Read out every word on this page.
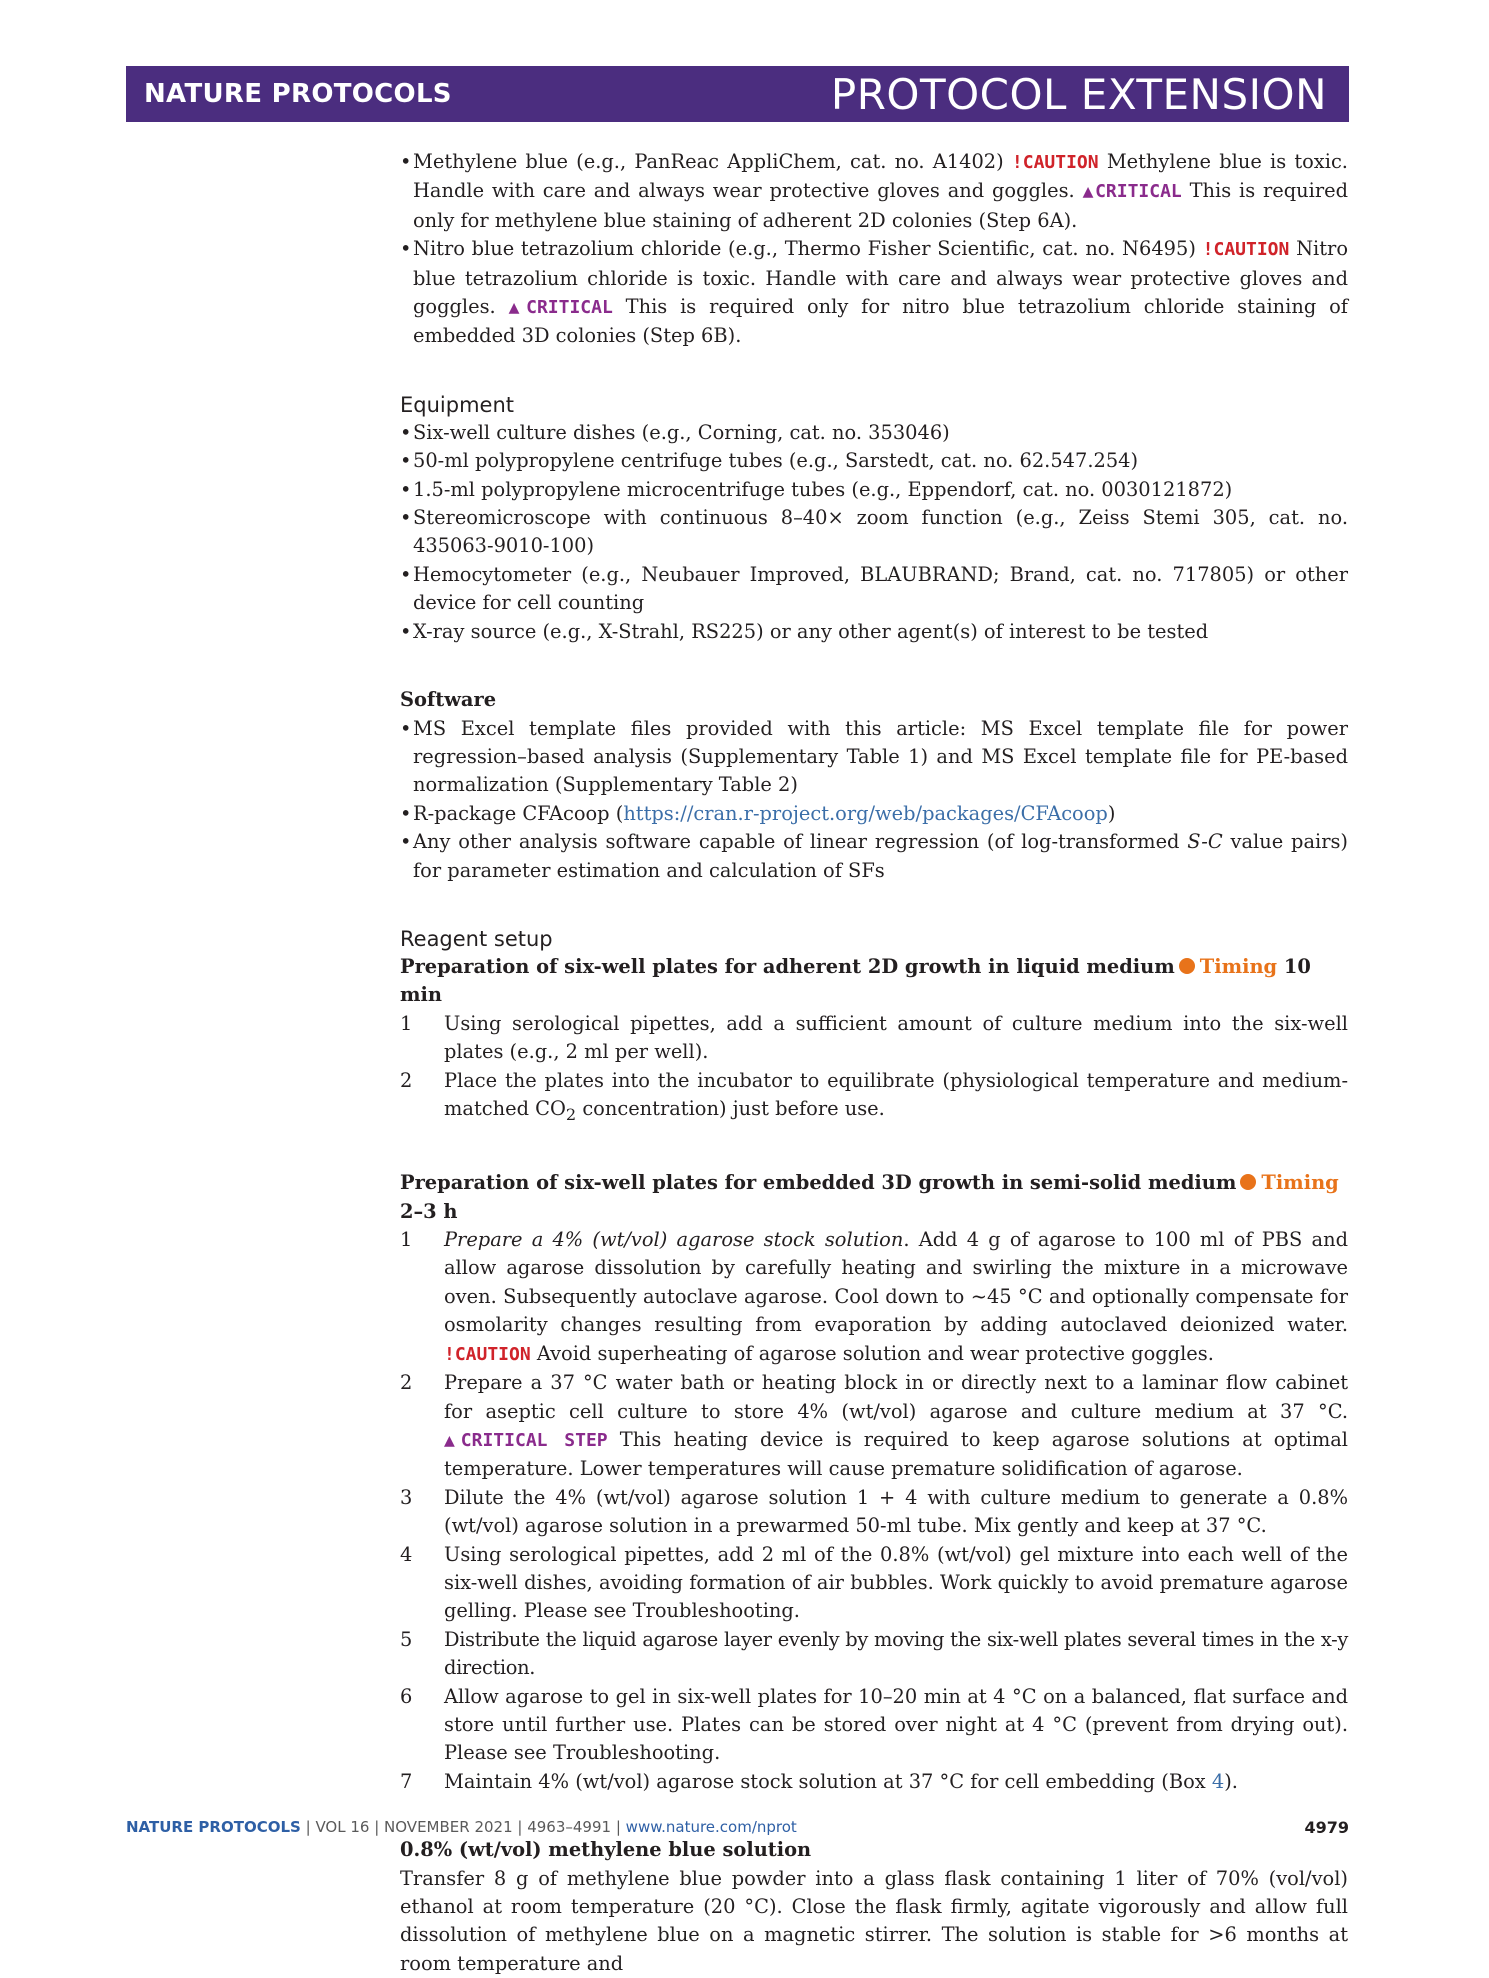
NATURE PROTOCOLS	PROTOCOL EXTENSION
• Methylene blue (e.g., PanReac AppliChem, cat. no. A1402) !CAUTION Methylene blue is toxic. Handle with care and always wear protective gloves and goggles. ▲CRITICAL This is required only for methylene blue staining of adherent 2D colonies (Step 6A).
• Nitro blue tetrazolium chloride (e.g., Thermo Fisher Scientific, cat. no. N6495) !CAUTION Nitro blue tetrazolium chloride is toxic. Handle with care and always wear protective gloves and goggles. ▲CRITICAL This is required only for nitro blue tetrazolium chloride staining of embedded 3D colonies (Step 6B).
Equipment
• Six-well culture dishes (e.g., Corning, cat. no. 353046)
• 50-ml polypropylene centrifuge tubes (e.g., Sarstedt, cat. no. 62.547.254)
• 1.5-ml polypropylene microcentrifuge tubes (e.g., Eppendorf, cat. no. 0030121872)
• Stereomicroscope with continuous 8–40× zoom function (e.g., Zeiss Stemi 305, cat. no. 435063-9010-100)
• Hemocytometer (e.g., Neubauer Improved, BLAUBRAND; Brand, cat. no. 717805) or other device for cell counting
• X-ray source (e.g., X-Strahl, RS225) or any other agent(s) of interest to be tested

Software

• MS Excel template files provided with this article: MS Excel template file for power regression–based analysis (Supplementary Table 1) and MS Excel template file for PE-based normalization (Supplementary Table 2)
• R-package CFAcoop (https://cran.r-project.org/web/packages/CFAcoop)
• Any other analysis software capable of linear regression (of log-transformed S-C value pairs) for parameter estimation and calculation of SFs
Reagent setup

Preparation of six-well plates for adherent 2D growth in liquid medium Timing 10 min

1 Using serological pipettes, add a sufficient amount of culture medium into the six-well plates (e.g., 2 ml per well).
2 Place the plates into the incubator to equilibrate (physiological temperature and medium-matched $CO_2$ concentration) just before use.

Preparation of six-well plates for embedded 3D growth in semi-solid medium Timing 2–3 h

1 Prepare a 4% (wt/vol) agarose stock solution. Add 4 g of agarose to 100 ml of PBS and allow agarose dissolution by carefully heating and swirling the mixture in a microwave oven. Subsequently autoclave agarose. Cool down to ~45 °C and optionally compensate for osmolarity changes resulting from evaporation by adding autoclaved deionized water. !CAUTION Avoid superheating of agarose solution and wear protective goggles.
2 Prepare a 37 °C water bath or heating block in or directly next to a laminar flow cabinet for aseptic cell culture to store 4% (wt/vol) agarose and culture medium at 37 °C. ▲CRITICAL STEP This heating device is required to keep agarose solutions at optimal temperature. Lower temperatures will cause premature solidification of agarose.
3 Dilute the 4% (wt/vol) agarose solution 1 + 4 with culture medium to generate a 0.8% (wt/vol) agarose solution in a prewarmed 50-ml tube. Mix gently and keep at 37 °C.
4 Using serological pipettes, add 2 ml of the 0.8% (wt/vol) gel mixture into each well of the six-well dishes, avoiding formation of air bubbles. Work quickly to avoid premature agarose gelling. Please see Troubleshooting.
5 Distribute the liquid agarose layer evenly by moving the six-well plates several times in the x-y direction.
6 Allow agarose to gel in six-well plates for 10–20 min at 4 °C on a balanced, flat surface and store until further use. Plates can be stored over night at 4 °C (prevent from drying out). Please see Troubleshooting.
7 Maintain 4% (wt/vol) agarose stock solution at 37 °C for cell embedding (Box 4).

0.8% (wt/vol) methylene blue solution

Transfer 8 g of methylene blue powder into a glass flask containing 1 liter of 70% (vol/vol) ethanol at room temperature (20 °C). Close the flask firmly, agitate vigorously and allow full dissolution of methylene blue on a magnetic stirrer. The solution is stable for >6 months at room temperature and

NATURE PROTOCOLS | VOL 16 | NOVEMBER 2021 | 4963–4991 | www.nature.com/nprot	4979
